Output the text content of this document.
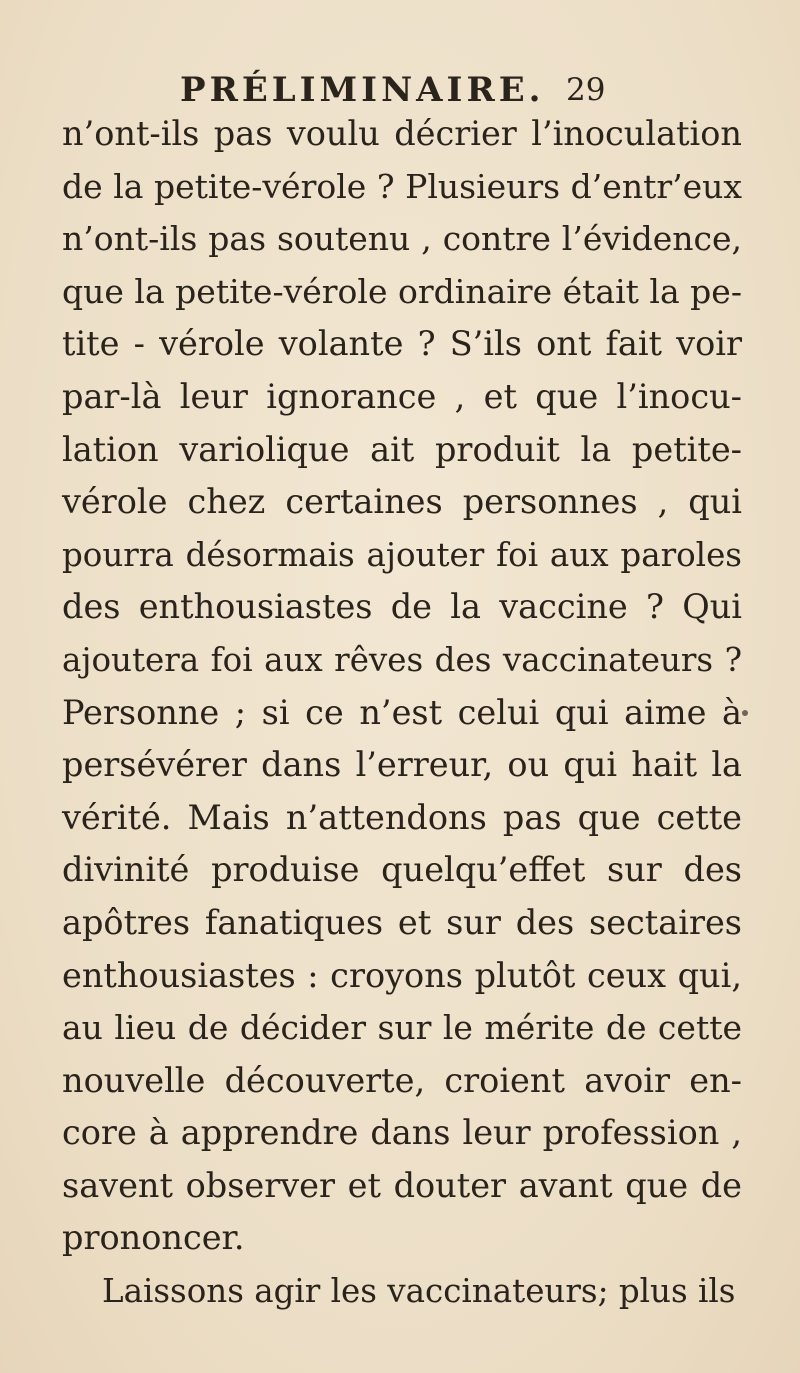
PRÉLIMINAIRE. 29
n’ont-ils pas voulu décrier l’inoculation
de la petite-vérole ? Plusieurs d’entr’eux
n’ont-ils pas soutenu , contre l’évidence,
que la petite-vérole ordinaire était la pe-
tite - vérole volante ? S’ils ont fait voir
par-là leur ignorance , et que l’inocu-
lation variolique ait produit la petite-
vérole chez certaines personnes , qui
pourra désormais ajouter foi aux paroles
des enthousiastes de la vaccine ? Qui
ajoutera foi aux rêves des vaccinateurs ?
Personne ; si ce n’est celui qui aime à
persévérer dans l’erreur, ou qui hait la
vérité. Mais n’attendons pas que cette
divinité produise quelqu’effet sur des
apôtres fanatiques et sur des sectaires
enthousiastes : croyons plutôt ceux qui,
au lieu de décider sur le mérite de cette
nouvelle découverte, croient avoir en-
core à apprendre dans leur profession ,
savent observer et douter avant que de
prononcer.
Laissons agir les vaccinateurs; plus ils
